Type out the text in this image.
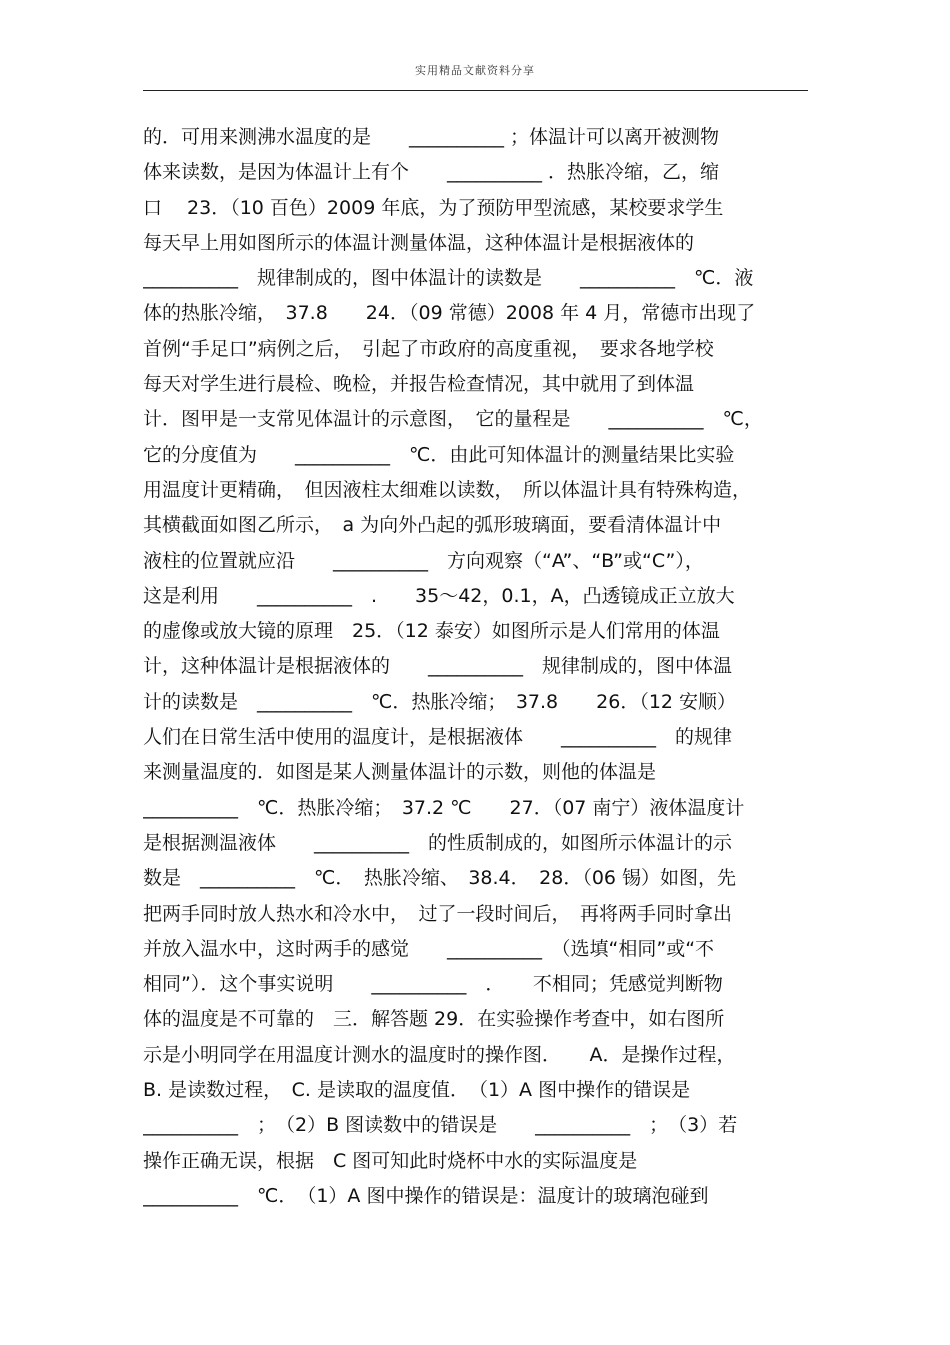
实用精品文献资料分享
的．可用来测沸水温度的是　　__________ ；体温计可以离开被测物
体来读数，是因为体温计上有个　　__________ ．热胀冷缩，乙，缩
口　 23．（10 百色）2009 年底，为了预防甲型流感，某校要求学生
每天早上用如图所示的体温计测量体温，这种体温计是根据液体的
__________　规律制成的，图中体温计的读数是　　__________　℃．液
体的热胀冷缩，　37.8　　24．（09 常德）2008 年 4 月，常德市出现了
首例“手足口”病例之后，　引起了市政府的高度重视，　要求各地学校
每天对学生进行晨检、晚检，并报告检查情况，其中就用了到体温
计．图甲是一支常见体温计的示意图，　它的量程是　　__________　℃，
它的分度值为　　__________　℃．由此可知体温计的测量结果比实验
用温度计更精确，　但因液柱太细难以读数，　所以体温计具有特殊构造，
其横截面如图乙所示，　a 为向外凸起的弧形玻璃面，要看清体温计中
液柱的位置就应沿　　__________　方向观察（“A”、“B”或“C”），
这是利用　　__________　.　　35～42，0.1，A，凸透镜成正立放大
的虚像或放大镜的原理　25．（12 泰安）如图所示是人们常用的体温
计，这种体温计是根据液体的　　__________　规律制成的，图中体温
计的读数是　__________　℃．热胀冷缩；　37.8　　26．（12 安顺）
人们在日常生活中使用的温度计，是根据液体　　__________　的规律
来测量温度的．如图是某人测量体温计的示数，则他的体温是
__________　℃．热胀冷缩；　37.2 ℃　　27．（07 南宁）液体温度计
是根据测温液体　　__________　的性质制成的，如图所示体温计的示
数是　__________　℃．　热胀冷缩、　38.4．　28．（06 锡）如图，先
把两手同时放人热水和冷水中，　过了一段时间后，　再将两手同时拿出
并放入温水中，这时两手的感觉　　__________　（选填“相同”或“不
相同”）．这个事实说明　　__________　．　　不相同；凭感觉判断物
体的温度是不可靠的　三．解答题 29．在实验操作考查中，如右图所
示是小明同学在用温度计测水的温度时的操作图．　　A．是操作过程，
B. 是读数过程，　C. 是读取的温度值．　（1）A 图中操作的错误是
__________　；　（2）B 图读数中的错误是　　__________　；　（3）若
操作正确无误，根据　C 图可知此时烧杯中水的实际温度是
__________　℃．　（1）A 图中操作的错误是：温度计的玻璃泡碰到
